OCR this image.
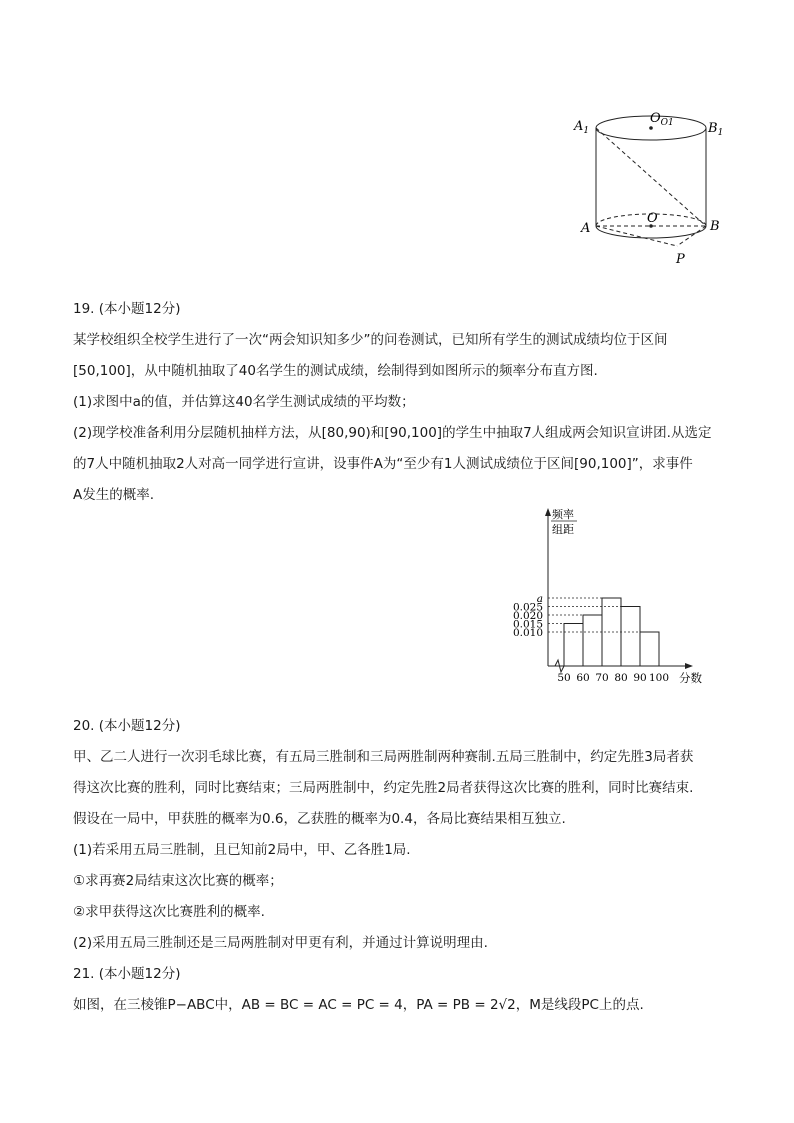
$O_{O1}$
$A_1$	$B_1$
O
A	B
P
19. (本小题12分)
某学校组织全校学生进行了一次“两会知识知多少”的问卷测试，已知所有学生的测试成绩均位于区间
[50,100]，从中随机抽取了40名学生的测试成绩，绘制得到如图所示的频率分布直方图.
(1)求图中a的值，并估算这40名学生测试成绩的平均数；
(2)现学校准备利用分层随机抽样方法，从[80,90)和[90,100]的学生中抽取7人组成两会知识宣讲团.从选定
的7人中随机抽取2人对高一同学进行宣讲，设事件A为“至少有1人测试成绩位于区间[90,100]”，求事件
A发生的概率.
频率
组距
0.010
0.015
0.020
0.025
a
50 60 70 80 90 100 分数
20. (本小题12分)
甲、乙二人进行一次羽毛球比赛，有五局三胜制和三局两胜制两种赛制.五局三胜制中，约定先胜3局者获
得这次比赛的胜利，同时比赛结束；三局两胜制中，约定先胜2局者获得这次比赛的胜利，同时比赛结束.
假设在一局中，甲获胜的概率为0.6，乙获胜的概率为0.4，各局比赛结果相互独立.
(1)若采用五局三胜制，且已知前2局中，甲、乙各胜1局.
①求再赛2局结束这次比赛的概率；
②求甲获得这次比赛胜利的概率.
(2)采用五局三胜制还是三局两胜制对甲更有利，并通过计算说明理由.
21. (本小题12分)
如图，在三棱锥P−ABC中，AB = BC = AC = PC = 4，PA = PB = 2√2，M是线段PC上的点.
